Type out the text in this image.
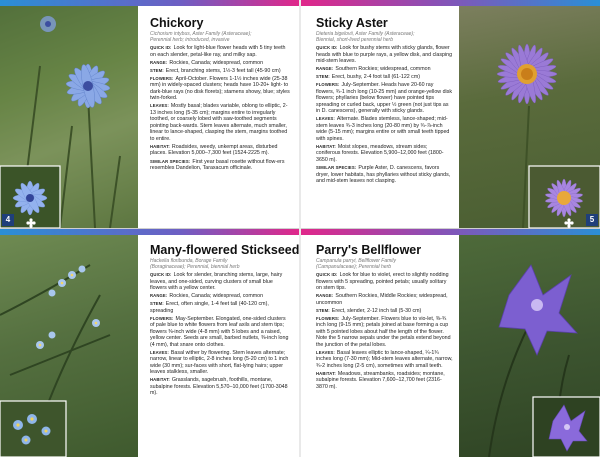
Chickory
Cichorium intybus, Aster Family (Asteraceae);
Perennial herb; introduced, invasive
QUICK ID: Look for light-blue flower heads with 5 tiny teeth on each slender, petal-like ray, and milky sap.
RANGE: Rockies, Canada; widespread, common
STEM: Erect, branching stems, 1½-3 feet tall (45-90 cm)
FLOWERS: April-October. Flowers 1-1½ inches wide (25-38 mm) in widely-spaced clusters; heads have 10-20+ light- to dark-blue rays (no disk florets); stamens showy, blue; styles twin-forked.
LEAVES: Mostly basal; blades variable, oblong to elliptic, 2-13 inches long (5-35 cm); margins entire to irregularly toothed, or coarsely lobed with saw-toothed segments pointing back-wards. Stem leaves alternate, much smaller, linear to lance-shaped, clasping the stem, margins toothed to entire.
HABITAT: Roadsides, weedy, unkempt areas, disturbed places. Elevation 5,000–7,300 feet (1524-2225 m).
SIMILAR SPECIES: First year basal rosette without flow-ers resembles Dandelion, Taraxacum officinale.
4
Sticky Aster
Dieteria bigelovii, Aster Family (Asteraceae);
Biennial, short-lived perennial herb
QUICK ID: Look for bushy stems with sticky glands, flower heads with blue to purple rays, a yellow disk, and clasping mid-stem leaves.
RANGE: Southern Rockies; widespread, common
STEM: Erect, bushy, 2-4 foot tall (61-122 cm)
FLOWERS: July-September. Heads have 20-60 ray flowers, ¾-1 inch long (10-25 mm) and orange-yellow disk flowers; phyllaries (below flower) have pointed tips spreading or curled back, upper ½ green (not just tips as in D. canescens), generally with sticky glands.
LEAVES: Alternate. Blades stemless, lance-shaped; mid-stem leaves ¾-3 inches long (20-80 mm) by ¾-⅞-inch wide (5-15 mm); margins entire or with small teeth tipped with spines.
HABITAT: Moist slopes, meadows, stream sides; coniferous forests. Elevation 5,900–12,000 feet (1800-3650 m).
SIMILAR SPECIES: Purple Aster, D. canescens, favors dryer, lower habitats, has phyllaries without sticky glands, and mid-stem leaves not clasping.
5
Many-flowered Stickseed
Hackelia floribunda, Borage Family
(Boraginaceae); Perennial, biennial herb
QUICK ID: Look for slender, branching stems, large, hairy leaves, and one-sided, curving clusters of small blue flowers with a yellow center.
RANGE: Rockies, Canada; widespread, common
STEM: Erect, often single, 1-4 feet tall (40-120 cm), spreading
FLOWERS: May-September. Elongated, one-sided clusters of pale blue to white flowers from leaf axils and stem tips; flowers ⅜-inch wide (4-8 mm) with 5 lobes and a raised, yellow center. Seeds are small, barbed nutlets, ⅜-inch long (4 mm), that snare onto clothes.
LEAVES: Basal wither by flowering. Stem leaves alternate; narrow, linear to elliptic, 2-8 inches long (5-20 cm) to 1 inch wide (30 mm); sur-faces with short, flat-lying hairs; upper leaves stalkless, smaller.
HABITAT: Grasslands, sagebrush, foothills, montane, subalpine forests. Elevation 5,570–10,000 feet (1700-3048 m).
Parry's Bellflower
Campanula parryi, Bellflower Family
(Campanulaceae); Perennial herb
QUICK ID: Look for blue to violet, erect to slightly nodding flowers with 5 spreading, pointed petals; usually solitary on stem tips.
RANGE: Southern Rockies, Middle Rockies; widespread, uncommon
STEM: Erect, slender, 2-12 inch tall (5-30 cm)
FLOWERS: July-September. Flowers blue to vio-let, ⅜-¾ inch long (9-15 mm); petals joined at base forming a cup with 5 pointed lobes about half the length of the flower. Note the 5 narrow sepals under the petals extend beyond the junction of the petal lobes.
LEAVES: Basal leaves elliptic to lance-shaped, ¼-1¾ inches long (7-30 mm); Mid-stem leaves alternate, narrow, ¾-2 inches long (2-5 cm), sometimes with small teeth.
HABITAT: Meadows, streambanks, roadsides; montane, subalpine forests. Elevation 7,600–12,700 feet (2316-3870 m).
